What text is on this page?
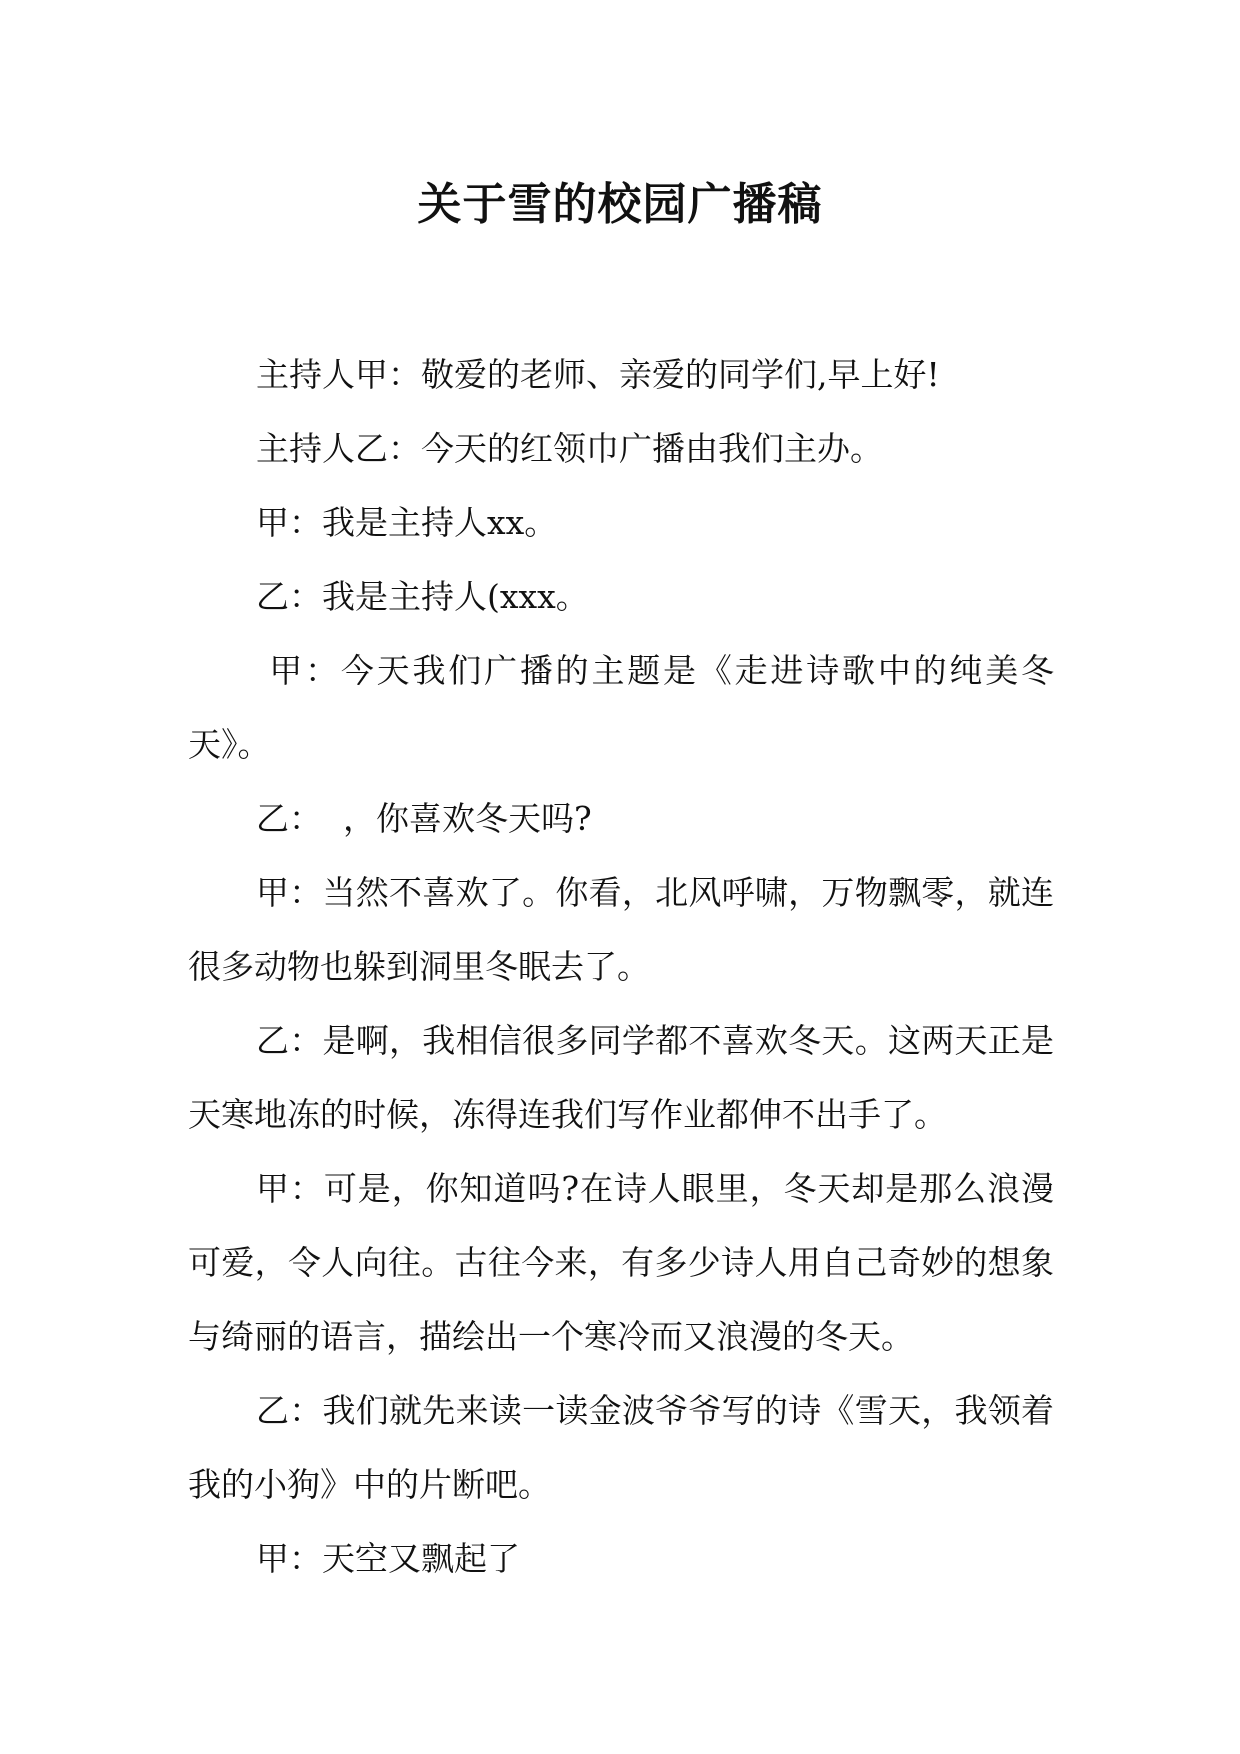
关于雪的校园广播稿

主持人甲：敬爱的老师、亲爱的同学们,早上好!

主持人乙：今天的红领巾广播由我们主办。

甲：我是主持人xx。

乙：我是主持人(xxx。

甲：今天我们广播的主题是《走进诗歌中的纯美冬天》。

乙：  ，你喜欢冬天吗?

甲：当然不喜欢了。你看，北风呼啸，万物飘零，就连很多动物也躲到洞里冬眠去了。

乙：是啊，我相信很多同学都不喜欢冬天。这两天正是天寒地冻的时候，冻得连我们写作业都伸不出手了。

甲：可是，你知道吗?在诗人眼里，冬天却是那么浪漫可爱，令人向往。古往今来，有多少诗人用自己奇妙的想象与绮丽的语言，描绘出一个寒冷而又浪漫的冬天。

乙：我们就先来读一读金波爷爷写的诗《雪天，我领着我的小狗》中的片断吧。

甲：天空又飘起了
